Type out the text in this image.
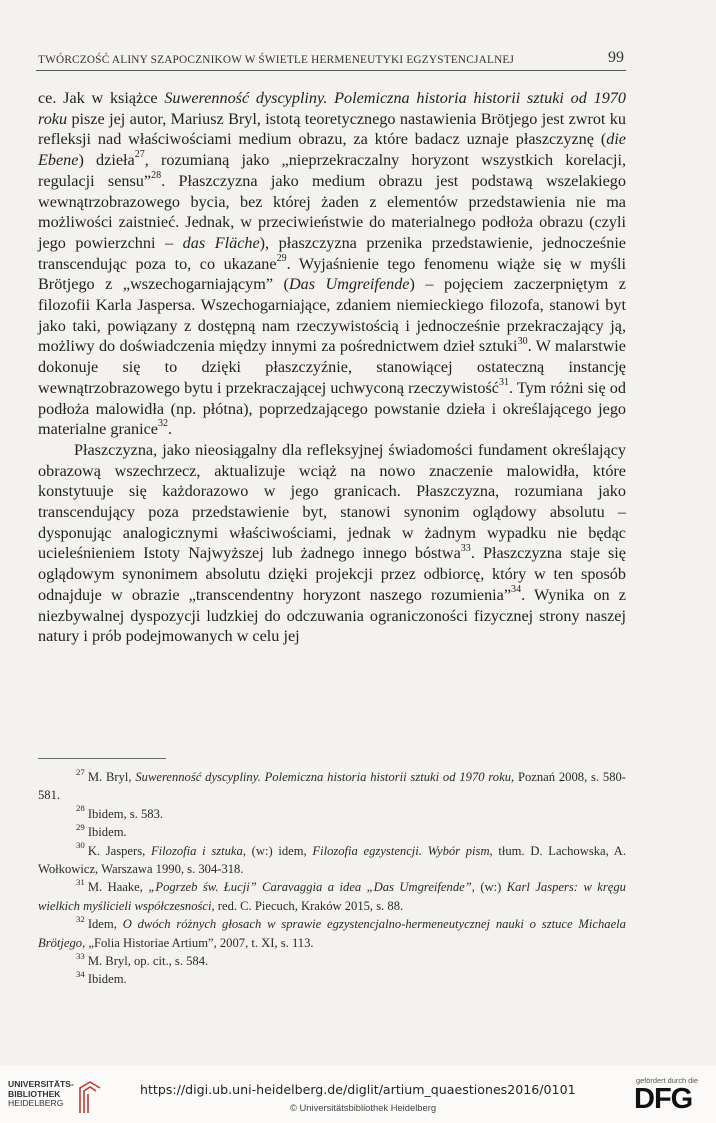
TWÓRCZOŚĆ ALINY SZAPOCZNIKOW W ŚWIETLE HERMENEUTYKI EGZYSTENCJALNEJ	99

ce. Jak w książce Suwerenność dyscypliny. Polemiczna historia historii sztuki od 1970 roku pisze jej autor, Mariusz Bryl, istotą teoretycznego nastawienia Brötjego jest zwrot ku refleksji nad właściwościami medium obrazu, za które badacz uznaje płaszczyznę (die Ebene) dzieła$^{27}$, rozumianą jako „nieprzekraczalny horyzont wszystkich korelacji, regulacji sensu”$^{28}$. Płaszczyzna jako medium obrazu jest podstawą wszelakiego wewnątrzobrazowego bycia, bez której żaden z elementów przedstawienia nie ma możliwości zaistnieć. Jednak, w przeciwieństwie do materialnego podłoża obrazu (czyli jego powierzchni – das Fläche), płaszczyzna przenika przedstawienie, jednocześnie transcendując poza to, co ukazane$^{29}$. Wyjaśnienie tego fenomenu wiąże się w myśli Brötjego z „wszechogarniającym” (Das Umgreifende) – pojęciem zaczerpniętym z filozofii Karla Jaspersa. Wszechogarniające, zdaniem niemieckiego filozofa, stanowi byt jako taki, powiązany z dostępną nam rzeczywistością i jednocześnie przekraczający ją, możliwy do doświadczenia między innymi za pośrednictwem dzieł sztuki$^{30}$. W malarstwie dokonuje się to dzięki płaszczyźnie, stanowiącej ostateczną instancję wewnątrzobrazowego bytu i przekraczającej uchwyconą rzeczywistość$^{31}$. Tym różni się od podłoża malowidła (np. płótna), poprzedzającego powstanie dzieła i określającego jego materialne granice$^{32}$.

Płaszczyzna, jako nieosiągalny dla refleksyjnej świadomości fundament określający obrazową wszechrzecz, aktualizuje wciąż na nowo znaczenie malowidła, które konstytuuje się każdorazowo w jego granicach. Płaszczyzna, rozumiana jako transcendujący poza przedstawienie byt, stanowi synonim oglądowy absolutu – dysponując analogicznymi właściwościami, jednak w żadnym wypadku nie będąc ucieleśnieniem Istoty Najwyższej lub żadnego innego bóstwa$^{33}$. Płaszczyzna staje się oglądowym synonimem absolutu dzięki projekcji przez odbiorcę, który w ten sposób odnajduje w obrazie „transcendentny horyzont naszego rozumienia”$^{34}$. Wynika on z niezbywalnej dyspozycji ludzkiej do odczuwania ograniczoności fizycznej strony naszej natury i prób podejmowanych w celu jej

$^{27}$ M. Bryl, Suwerenność dyscypliny. Polemiczna historia historii sztuki od 1970 roku, Poznań 2008, s. 580-581.

$^{28}$ Ibidem, s. 583.

$^{29}$ Ibidem.

$^{30}$ K. Jaspers, Filozofia i sztuka, (w:) idem, Filozofia egzystencji. Wybór pism, tłum. D. Lachowska, A. Wołkowicz, Warszawa 1990, s. 304-318.

$^{31}$ M. Haake, „Pogrzeb św. Łucji” Caravaggia a idea „Das Umgreifende”, (w:) Karl Jaspers: w kręgu wielkich myślicieli współczesności, red. C. Piecuch, Kraków 2015, s. 88.

$^{32}$ Idem, O dwóch różnych głosach w sprawie egzystencjalno-hermeneutycznej nauki o sztuce Michaela Brötjego, „Folia Historiae Artium”, 2007, t. XI, s. 113.

$^{33}$ M. Bryl, op. cit., s. 584.

$^{34}$ Ibidem.

UNIVERSITÄTS-
BIBLIOTHEK
HEIDELBERG
https://digi.ub.uni-heidelberg.de/diglit/artium_quaestiones2016/0101
© Universitätsbibliothek Heidelberg
gefördert durch die
DFG
